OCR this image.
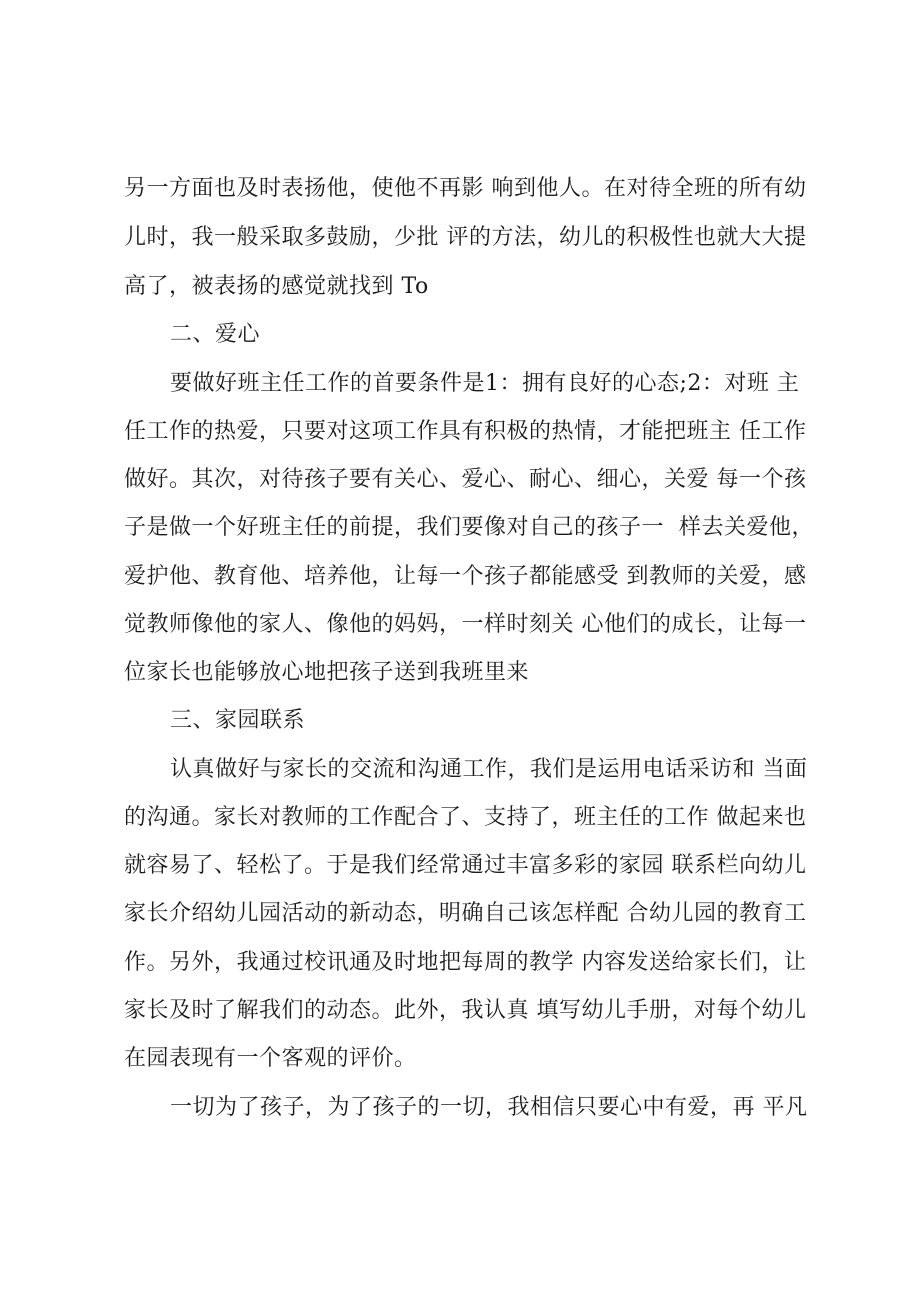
另一方面也及时表扬他，使他不再影 响到他人。在对待全班的所有幼
儿时，我一般采取多鼓励，少批 评的方法，幼儿的积极性也就大大提
高了，被表扬的感觉就找到 To
二、爱心
要做好班主任工作的首要条件是1：拥有良好的心态;2：对班 主
任工作的热爱，只要对这项工作具有积极的热情，才能把班主 任工作
做好。其次，对待孩子要有关心、爱心、耐心、细心，关爱 每一个孩
子是做一个好班主任的前提，我们要像对自己的孩子一  样去关爱他，
爱护他、教育他、培养他，让每一个孩子都能感受 到教师的关爱，感
觉教师像他的家人、像他的妈妈，一样时刻关 心他们的成长，让每一
位家长也能够放心地把孩子送到我班里来
三、家园联系
认真做好与家长的交流和沟通工作，我们是运用电话采访和 当面
的沟通。家长对教师的工作配合了、支持了，班主任的工作 做起来也
就容易了、轻松了。于是我们经常通过丰富多彩的家园 联系栏向幼儿
家长介绍幼儿园活动的新动态，明确自己该怎样配 合幼儿园的教育工
作。另外，我通过校讯通及时地把每周的教学 内容发送给家长们，让
家长及时了解我们的动态。此外，我认真 填写幼儿手册，对每个幼儿
在园表现有一个客观的评价。
一切为了孩子，为了孩子的一切，我相信只要心中有爱，再 平凡
